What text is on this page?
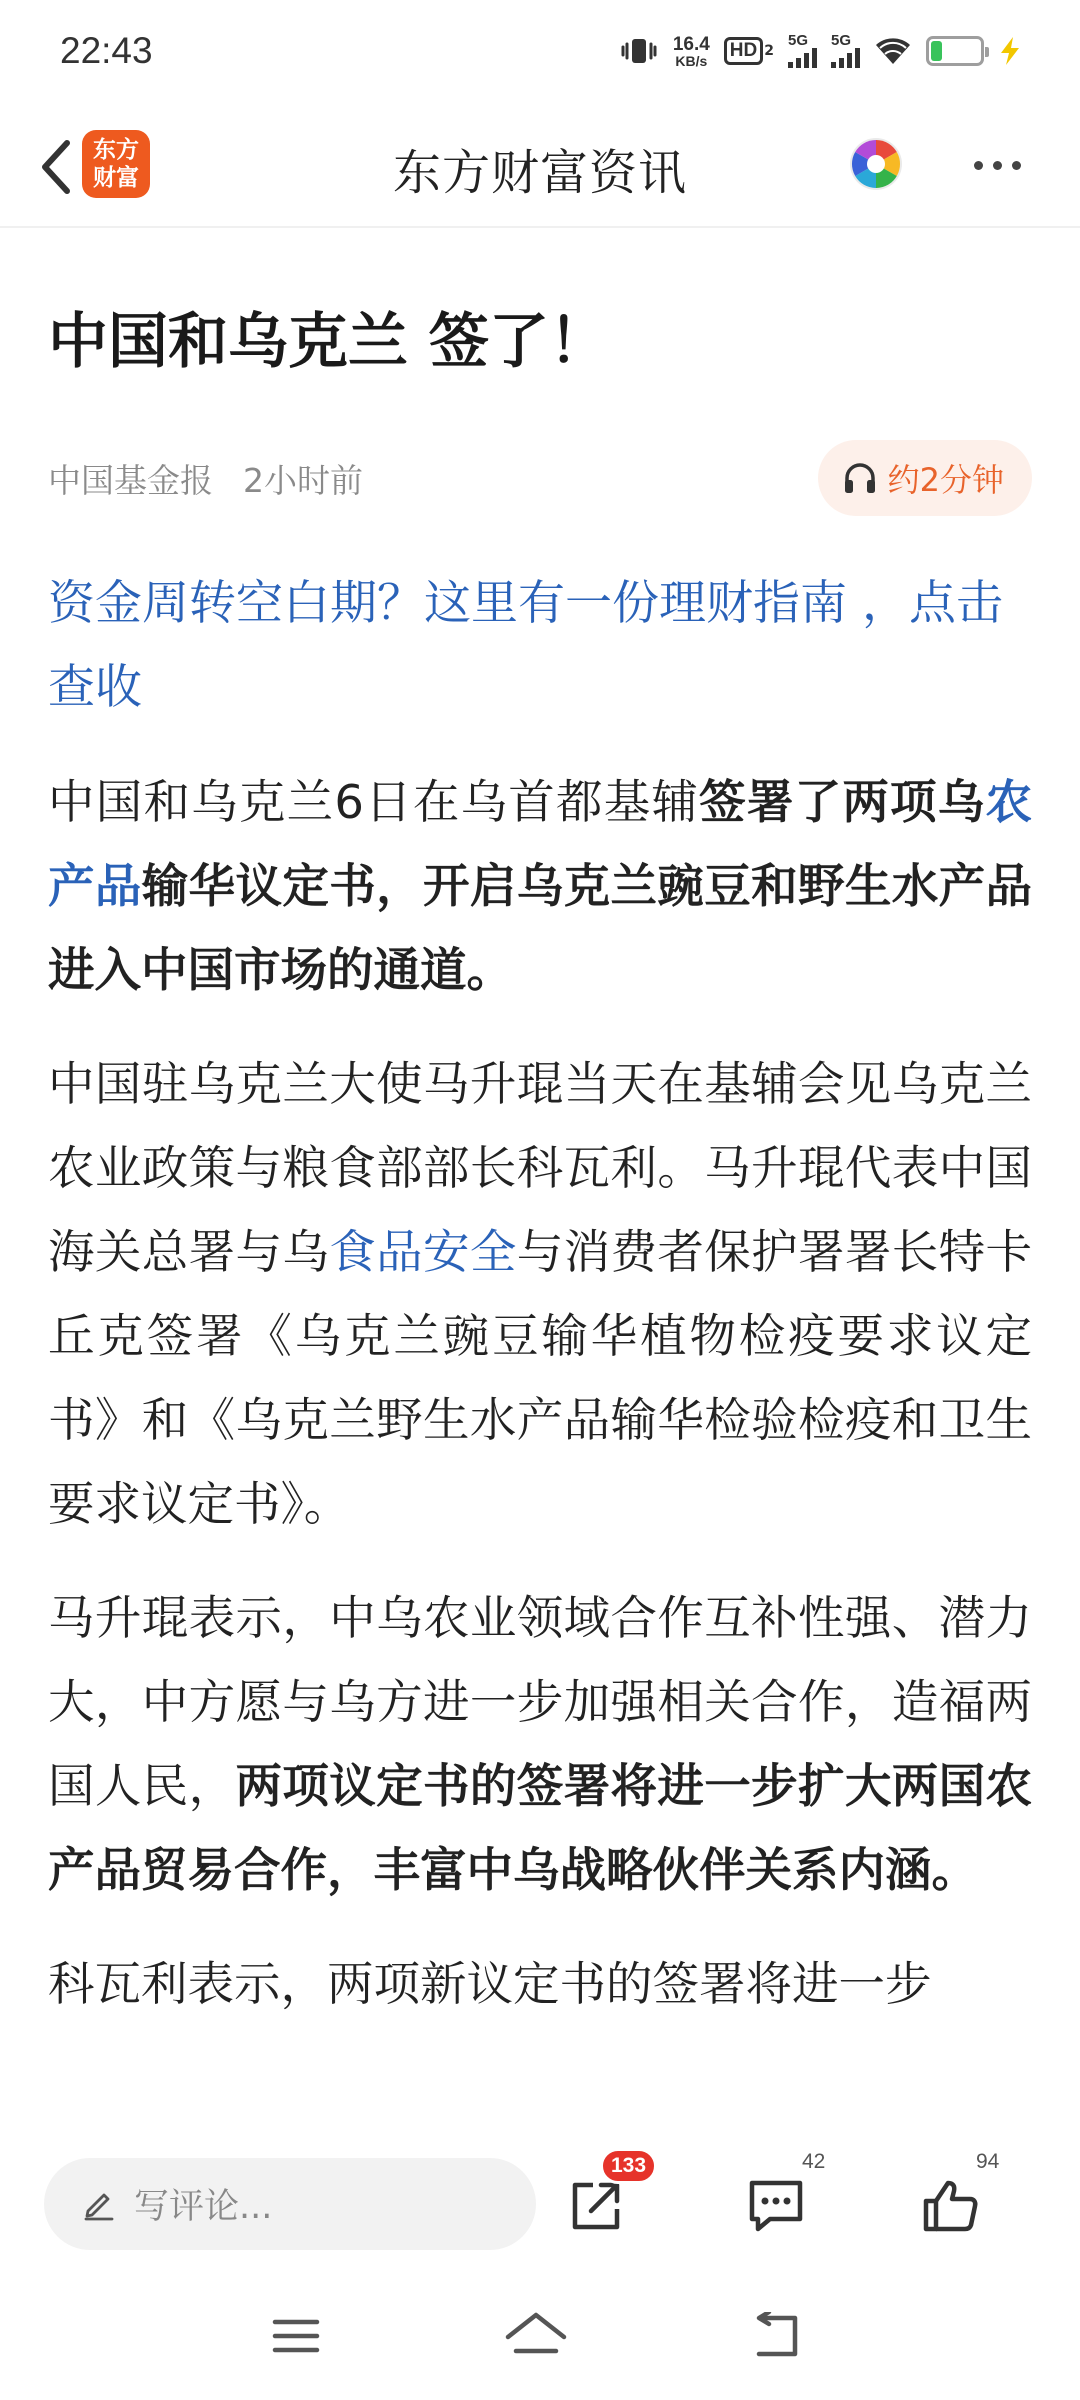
22:43	16.4
KB/s	HD 2
5G 5G	22
东方
财富	东方财富资讯
中国和乌克兰 签了！
中国基金报 2小时前	约2分钟
资金周转空白期？这里有一份理财指南 ，点击查收

中国和乌克兰6日在乌首都基辅签署了两项乌农产品输华议定书，开启乌克兰豌豆和野生水产品进入中国市场的通道。

中国驻乌克兰大使马升琨当天在基辅会见乌克兰农业政策与粮食部部长科瓦利。马升琨代表中国海关总署与乌食品安全与消费者保护署署长特卡丘克签署《乌克兰豌豆输华植物检疫要求议定书》和《乌克兰野生水产品输华检验检疫和卫生要求议定书》。

马升琨表示，中乌农业领域合作互补性强、潜力大，中方愿与乌方进一步加强相关合作，造福两国人民，两项议定书的签署将进一步扩大两国农产品贸易合作，丰富中乌战略伙伴关系内涵。

科瓦利表示，两项新议定书的签署将进一步

写评论...
133	42	94
